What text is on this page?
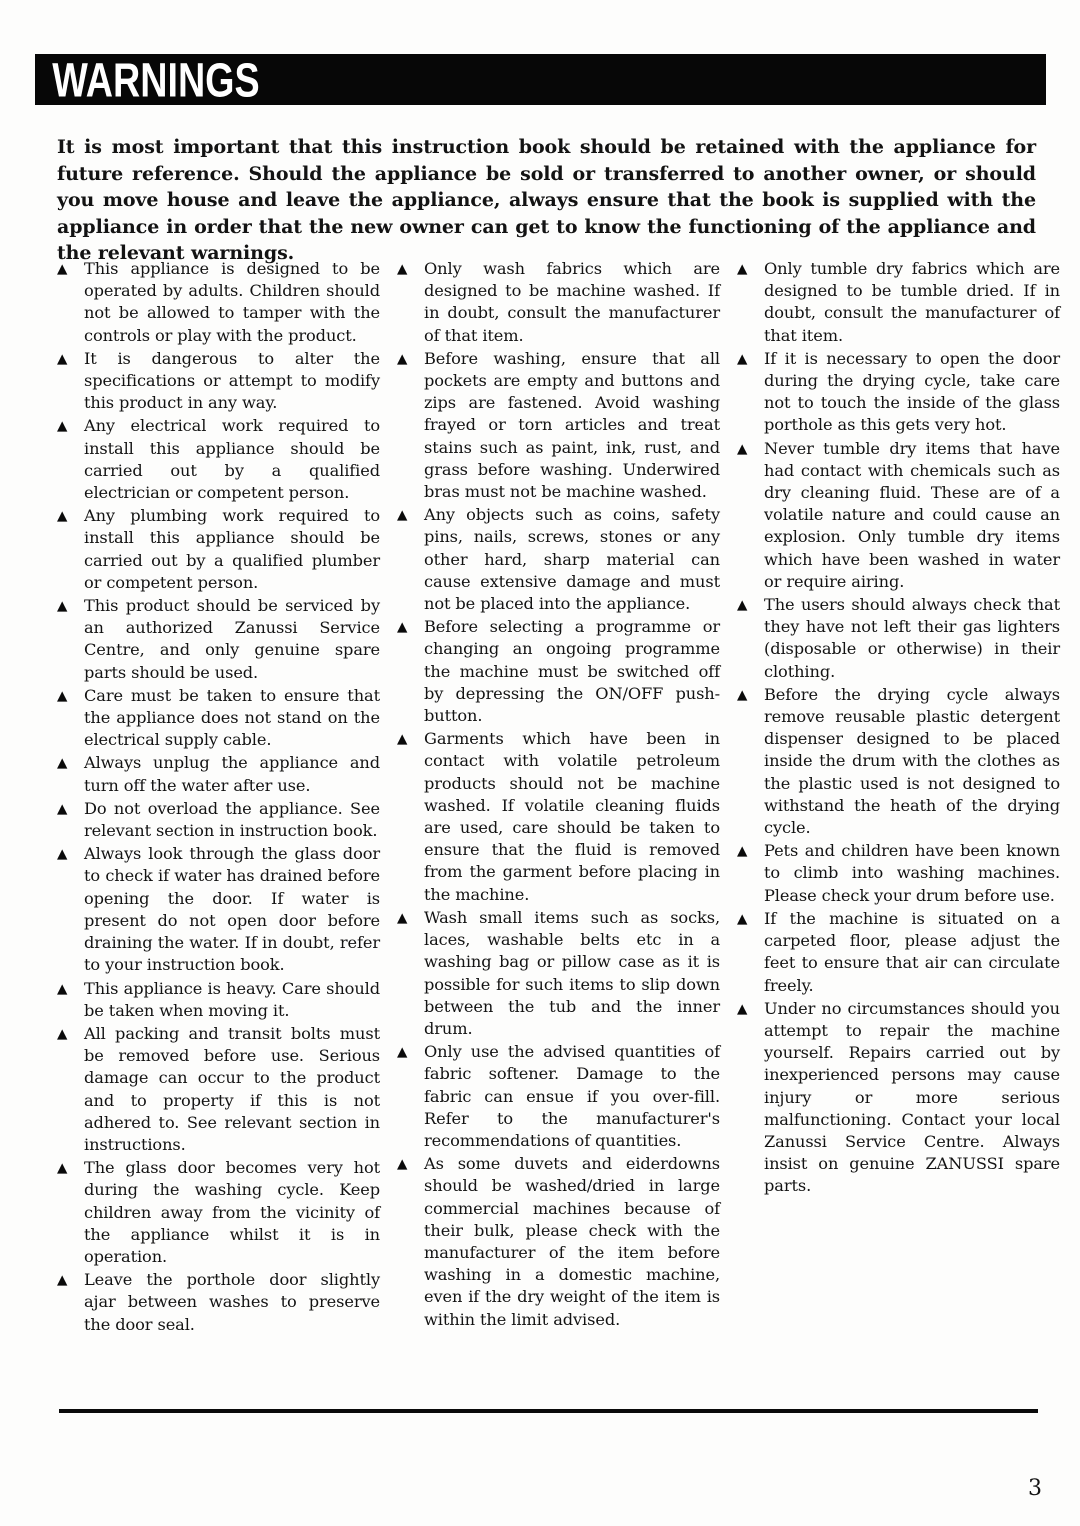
WARNINGS
It is most important that this instruction book should be retained with the appliance for future reference. Should the appliance be sold or transferred to another owner, or should you move house and leave the appliance, always ensure that the book is supplied with the appliance in order that the new owner can get to know the functioning of the appliance and the relevant warnings.
▲	This appliance is designed to be operated by adults. Children should not be allowed to tamper with the controls or play with the product.
▲	It is dangerous to alter the specifications or attempt to modify this product in any way.
▲	Any electrical work required to install this appliance should be carried out by a qualified electrician or competent person.
▲	Any plumbing work required to install this appliance should be carried out by a qualified plumber or competent person.
▲	This product should be serviced by an authorized Zanussi Service Centre, and only genuine spare parts should be used.
▲	Care must be taken to ensure that the appliance does not stand on the electrical supply cable.
▲	Always unplug the appliance and turn off the water after use.
▲	Do not overload the appliance. See relevant section in instruction book.
▲	Always look through the glass door to check if water has drained before opening the door. If water is present do not open door before draining the water. If in doubt, refer to your instruction book.
▲	This appliance is heavy. Care should be taken when moving it.
▲	All packing and transit bolts must be removed before use. Serious damage can occur to the product and to property if this is not adhered to. See relevant section in instructions.
▲	The glass door becomes very hot during the washing cycle. Keep children away from the vicinity of the appliance whilst it is in operation.
▲	Leave the porthole door slightly ajar between washes to preserve the door seal.
▲	Only wash fabrics which are designed to be machine washed. If in doubt, consult the manufacturer of that item.
▲	Before washing, ensure that all pockets are empty and buttons and zips are fastened. Avoid washing frayed or torn articles and treat stains such as paint, ink, rust, and grass before washing. Underwired bras must not be machine washed.
▲	Any objects such as coins, safety pins, nails, screws, stones or any other hard, sharp material can cause extensive damage and must not be placed into the appliance.
▲	Before selecting a programme or changing an ongoing programme the machine must be switched off by depressing the ON/OFF push-button.
▲	Garments which have been in contact with volatile petroleum products should not be machine washed. If volatile cleaning fluids are used, care should be taken to ensure that the fluid is removed from the garment before placing in the machine.
▲	Wash small items such as socks, laces, washable belts etc in a washing bag or pillow case as it is possible for such items to slip down between the tub and the inner drum.
▲	Only use the advised quantities of fabric softener. Damage to the fabric can ensue if you over-fill. Refer to the manufacturer's recommendations of quantities.
▲	As some duvets and eiderdowns should be washed/dried in large commercial machines because of their bulk, please check with the manufacturer of the item before washing in a domestic machine, even if the dry weight of the item is within the limit advised.
▲	Only tumble dry fabrics which are designed to be tumble dried. If in doubt, consult the manufacturer of that item.
▲	If it is necessary to open the door during the drying cycle, take care not to touch the inside of the glass porthole as this gets very hot.
▲	Never tumble dry items that have had contact with chemicals such as dry cleaning fluid. These are of a volatile nature and could cause an explosion. Only tumble dry items which have been washed in water or require airing.
▲	The users should always check that they have not left their gas lighters (disposable or otherwise) in their clothing.
▲	Before the drying cycle always remove reusable plastic detergent dispenser designed to be placed inside the drum with the clothes as the plastic used is not designed to withstand the heath of the drying cycle.
▲	Pets and children have been known to climb into washing machines. Please check your drum before use.
▲	If the machine is situated on a carpeted floor, please adjust the feet to ensure that air can circulate freely.
▲	Under no circumstances should you attempt to repair the machine yourself. Repairs carried out by inexperienced persons may cause injury or more serious malfunctioning. Contact your local Zanussi Service Centre. Always insist on genuine ZANUSSI spare parts.
3
